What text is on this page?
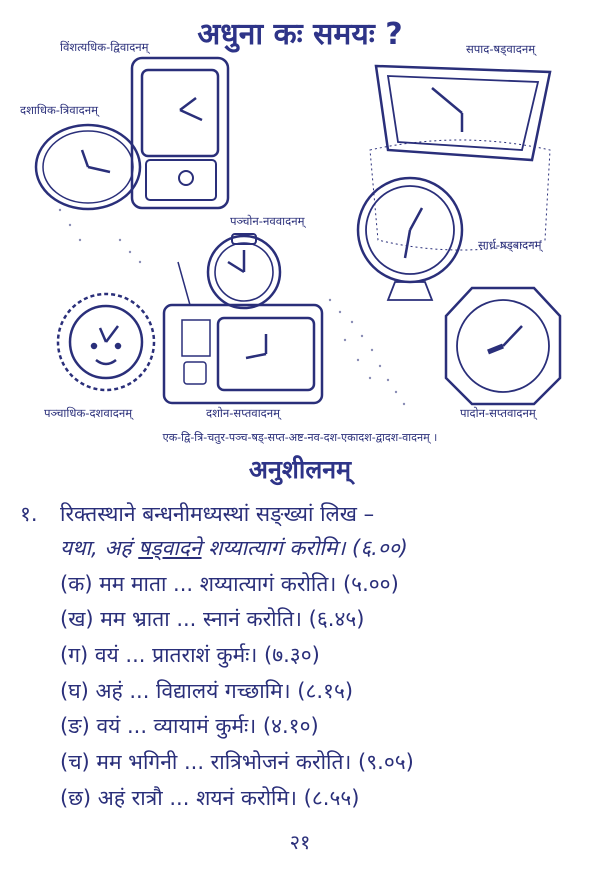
अधुना कः समयः ?
विंशत्यधिक-द्विवादनम्
दशाधिक-त्रिवादनम्
सपाद-षड्वादनम्
पञ्चोन-नववादनम्
सार्ध-षड्वादनम्
पञ्चाधिक-दशवादनम्	दशोन-सप्तवादनम्	पादोन-सप्तवादनम्
एक-द्वि-त्रि-चतुर-पञ्च-षड्-सप्त-अष्ट-नव-दश-एकादश-द्वादश-वादनम् ।
अनुशीलनम्
१. रिक्तस्थाने बन्धनीमध्यस्थां सङ्ख्यां लिख –
यथा, अहं षड्वादने शय्यात्यागं करोमि। (६.००)
(क) मम माता ... शय्यात्यागं करोति। (५.००)
(ख) मम भ्राता ... स्नानं करोति। (६.४५)
(ग) वयं ... प्रातराशं कुर्मः। (७.३०)
(घ) अहं ... विद्यालयं गच्छामि। (८.१५)
(ङ) वयं ... व्यायामं कुर्मः। (४.१०)
(च) मम भगिनी ... रात्रिभोजनं करोति। (९.०५)
(छ) अहं रात्रौ ... शयनं करोमि। (८.५५)
२१
